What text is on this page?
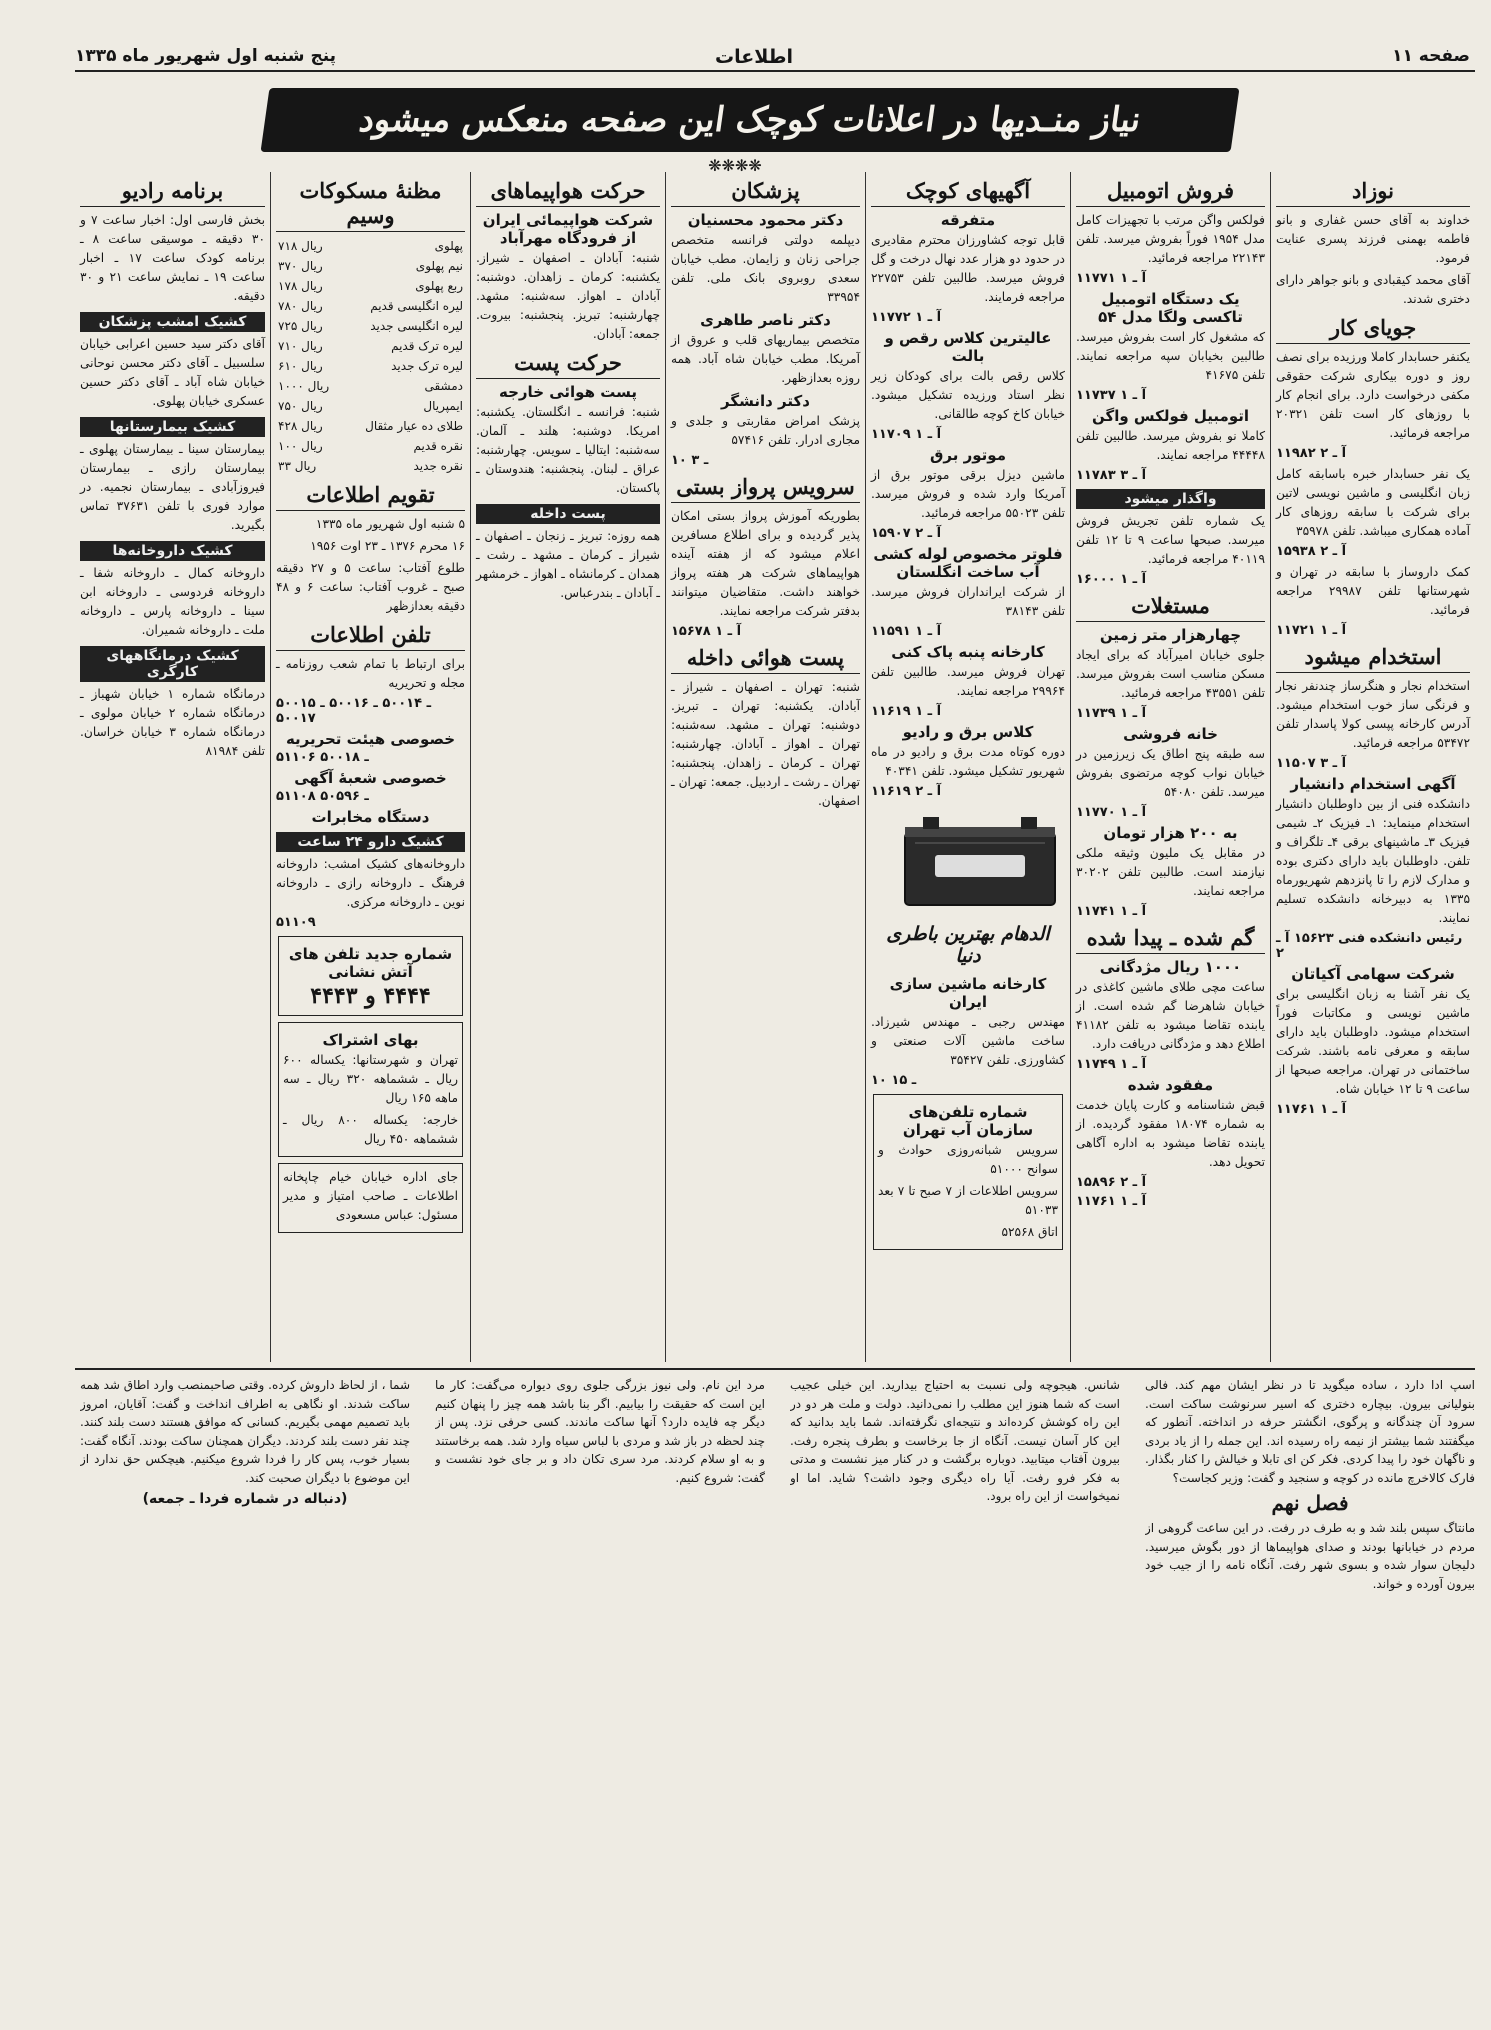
صفحه ۱۱
اطلاعات
پنج شنبه اول شهریور ماه ۱۳۳۵
نیاز منـدیها در اعلانات کوچک این صفحه منعکس میشود
❋❋❋❋
نوزاد

خداوند به آقای حسن غفاری و بانو فاطمه بهمنی فرزند پسری عنایت فرمود.

آقای محمد کیقبادی و بانو جواهر دارای دختری شدند.

جویای کار

یکنفر حسابدار کاملا ورزیده برای نصف روز و دوره بیکاری شرکت حقوقی مکفی درخواست دارد. برای انجام کار با روزهای کار است تلفن ۲۰۳۲۱ مراجعه فرمائید.

۱۱۹۸۲ آ ـ ۲

یک نفر حسابدار خبره باسابقه کامل زبان انگلیسی و ماشین نویسی لاتین برای شرکت با سابقه روزهای کار آماده همکاری میباشد. تلفن ۳۵۹۷۸

۱۵۹۳۸ آ ـ ۲

کمک داروساز با سابقه در تهران و شهرستانها تلفن ۲۹۹۸۷ مراجعه فرمائید.

۱۱۷۲۱ آ ـ ۱
استخدام میشود

استخدام نجار و هنگرساز چندنفر نجار و فرنگی ساز خوب استخدام میشود. آدرس کارخانه پپسی کولا پاسدار تلفن ۵۳۴۷۲ مراجعه فرمائید.

۱۱۵۰۷ آ ـ ۳
آگهی استخدام دانشیار

دانشکده فنی از بین داوطلبان دانشیار استخدام مینماید: ۱ـ فیزیک ۲ـ شیمی فیزیک ۳ـ ماشینهای برقی ۴ـ تلگراف و تلفن. داوطلبان باید دارای دکتری بوده و مدارک لازم را تا پانزدهم شهریورماه ۱۳۳۵ به دبیرخانه دانشکده تسلیم نمایند.

رئیس دانشکده فنی ۱۵۶۲۳ آ ـ ۲
شرکت سهامی آکیاتان

یک نفر آشنا به زبان انگلیسی برای ماشین نویسی و مکاتبات فوراً استخدام میشود. داوطلبان باید دارای سابقه و معرفی نامه باشند. شرکت ساختمانی در تهران. مراجعه صبحها از ساعت ۹ تا ۱۲ خیابان شاه.

۱۱۷۶۱ آ ـ ۱
فروش اتومبیل

فولکس واگن مرتب با تجهیزات کامل مدل ۱۹۵۴ فوراً بفروش میرسد. تلفن ۲۲۱۴۳ مراجعه فرمائید.

۱۱۷۷۱ آ ـ ۱
یک دستگاه اتومبیل تاکسی ولگا مدل ۵۴

که مشغول کار است بفروش میرسد. طالبین بخیابان سپه مراجعه نمایند. تلفن ۴۱۶۷۵

۱۱۷۳۷ آ ـ ۱
اتومبیل فولکس واگن

کاملا نو بفروش میرسد. طالبین تلفن ۴۴۴۴۸ مراجعه نمایند.

۱۱۷۸۳ آ ـ ۳
واگذار میشود

یک شماره تلفن تجریش فروش میرسد. صبحها ساعت ۹ تا ۱۲ تلفن ۴۰۱۱۹ مراجعه فرمائید.

۱۶۰۰۰ آ ـ ۱
مستغلات
چهارهزار متر زمین

جلوی خیابان امیرآباد که برای ایجاد مسکن مناسب است بفروش میرسد. تلفن ۴۳۵۵۱ مراجعه فرمائید.

۱۱۷۳۹ آ ـ ۱
خانه فروشی

سه طبقه پنج اطاق یک زیرزمین در خیابان نواب کوچه مرتضوی بفروش میرسد. تلفن ۵۴۰۸۰

۱۱۷۷۰ آ ـ ۱
به ۲۰۰ هزار تومان

در مقابل یک ملیون وثیقه ملکی نیازمند است. طالبین تلفن ۳۰۲۰۲ مراجعه نمایند.

۱۱۷۴۱ آ ـ ۱
گم شده ـ پیدا شده
۱۰۰۰ ریال مژدگانی

ساعت مچی طلای ماشین کاغذی در خیابان شاهرضا گم شده است. از یابنده تقاضا میشود به تلفن ۴۱۱۸۲ اطلاع دهد و مژدگانی دریافت دارد.

۱۱۷۴۹ آ ـ ۱
مفقود شده

قبض شناسنامه و کارت پایان خدمت به شماره ۱۸۰۷۴ مفقود گردیده. از یابنده تقاضا میشود به اداره آگاهی تحویل دهد.

۱۵۸۹۶ آ ـ ۲
۱۱۷۶۱ آ ـ ۱
آگهیهای کوچک
متفرقه

قابل توجه کشاورزان محترم مقادیری در حدود دو هزار عدد نهال درخت و گل فروش میرسد. طالبین تلفن ۲۲۷۵۳ مراجعه فرمایند.

۱۱۷۷۲ آ ـ ۱
عالیترین کلاس رقص و بالت

کلاس رقص بالت برای کودکان زیر نظر استاد ورزیده تشکیل میشود. خیابان کاخ کوچه طالقانی.

۱۱۷۰۹ آ ـ ۱
موتور برق

ماشین دیزل برقی موتور برق از آمریکا وارد شده و فروش میرسد. تلفن ۵۵۰۲۳ مراجعه فرمائید.

۱۵۹۰۷ آ ـ ۲
فلوتر مخصوص لوله کشی آب ساخت انگلستان

از شرکت ایرانداران فروش میرسد. تلفن ۳۸۱۴۳

۱۱۵۹۱ آ ـ ۱
کارخانه پنبه پاک کنی

تهران فروش میرسد. طالبین تلفن ۲۹۹۶۴ مراجعه نمایند.

۱۱۶۱۹ آ ـ ۱
کلاس برق و رادیو

دوره کوتاه مدت برق و رادیو در ماه شهریور تشکیل میشود. تلفن ۴۰۳۴۱

۱۱۶۱۹ آ ـ ۲
الدهام بهترین باطری دنیا
کارخانه ماشین سازی ایران

مهندس رجبی ـ مهندس شیرزاد. ساخت ماشین آلات صنعتی و کشاورزی. تلفن ۳۵۴۲۷

۱۰ ـ ۱۵
شماره تلفن‌های سازمان آب تهران

سرویس شبانه‌روزی حوادث و سوانح ۵۱۰۰۰

سرویس اطلاعات از ۷ صبح تا ۷ بعد ۵۱۰۳۳

اتاق ۵۲۵۶۸

پزشکان
دکتر محمود محسنیان

دیپلمه دولتی فرانسه متخصص جراحی زنان و زایمان. مطب خیابان سعدی روبروی بانک ملی. تلفن ۳۳۹۵۴

دکتر ناصر طاهری

متخصص بیماریهای قلب و عروق از آمریکا. مطب خیابان شاه آباد. همه روزه بعدازظهر.

دکتر دانشگر

پزشک امراض مقاربتی و جلدی و مجاری ادرار. تلفن ۵۷۴۱۶

۱۰ ـ ۳
سرویس پرواز بستی

بطوریکه آموزش پرواز بستی امکان پذیر گردیده و برای اطلاع مسافرین اعلام میشود که از هفته آینده هواپیماهای شرکت هر هفته پرواز خواهند داشت. متقاضیان میتوانند بدفتر شرکت مراجعه نمایند.

۱۵۶۷۸ آ ـ ۱
پست هوائی داخله

شنبه: تهران ـ اصفهان ـ شیراز ـ آبادان. یکشنبه: تهران ـ تبریز. دوشنبه: تهران ـ مشهد. سه‌شنبه: تهران ـ اهواز ـ آبادان. چهارشنبه: تهران ـ کرمان ـ زاهدان. پنجشنبه: تهران ـ رشت ـ اردبیل. جمعه: تهران ـ اصفهان.

حرکت هواپیماهای
شرکت هواپیمائی ایران از فرودگاه مهرآباد

شنبه: آبادان ـ اصفهان ـ شیراز. یکشنبه: کرمان ـ زاهدان. دوشنبه: آبادان ـ اهواز. سه‌شنبه: مشهد. چهارشنبه: تبریز. پنجشنبه: بیروت. جمعه: آبادان.

حرکت پست
پست هوائی خارجه

شنبه: فرانسه ـ انگلستان. یکشنبه: امریکا. دوشنبه: هلند ـ آلمان. سه‌شنبه: ایتالیا ـ سویس. چهارشنبه: عراق ـ لبنان. پنجشنبه: هندوستان ـ پاکستان.

پست داخله

همه روزه: تبریز ـ زنجان ـ اصفهان ـ شیراز ـ کرمان ـ مشهد ـ رشت ـ همدان ـ کرمانشاه ـ اهواز ـ خرمشهر ـ آبادان ـ بندرعباس.

مظنهٔ مسکوکات وسیم
پهلوی	۷۱۸ ریال
نیم پهلوی	۳۷۰ ریال
ربع پهلوی	۱۷۸ ریال
لیره انگلیسی قدیم	۷۸۰ ریال
لیره انگلیسی جدید	۷۲۵ ریال
لیره ترک قدیم	۷۱۰ ریال
لیره ترک جدید	۶۱۰ ریال
دمشقی	۱۰۰۰ ریال
ایمپریال	۷۵۰ ریال
طلای ده عیار مثقال	۴۲۸ ریال
نقره قدیم	۱۰۰ ریال
نقره جدید	۳۳ ریال
تقویم اطلاعات

۵ شنبه اول شهریور ماه ۱۳۳۵

۱۶ محرم ۱۳۷۶ ـ ۲۳ اوت ۱۹۵۶

طلوع آفتاب: ساعت ۵ و ۲۷ دقیقه صبح ـ غروب آفتاب: ساعت ۶ و ۴۸ دقیقه بعدازظهر

تلفن اطلاعات

برای ارتباط با تمام شعب روزنامه ـ مجله و تحریریه

۵۰۰۱۵ ـ ۵۰۰۱۴ ـ ۵۰۰۱۶ ـ ۵۰۰۱۷
خصوصی هیئت تحریریه
۵۱۱۰۶ ـ ۵۰۰۱۸
خصوصی شعبهٔ آگهی
۵۱۱۰۸ ـ ۵۰۵۹۶
دستگاه مخابرات
کشیک دارو ۲۴ ساعت

داروخانه‌های کشیک امشب: داروخانه فرهنگ ـ داروخانه رازی ـ داروخانه نوین ـ داروخانه مرکزی.

۵۱۱۰۹
شماره جدید تلفن های آتش نشانی
۴۴۴۴ و ۴۴۴۳
بهای اشتراک

تهران و شهرستانها: یکساله ۶۰۰ ریال ـ ششماهه ۳۲۰ ریال ـ سه ماهه ۱۶۵ ریال

خارجه: یکساله ۸۰۰ ریال ـ ششماهه ۴۵۰ ریال

جای اداره خیابان خیام چاپخانه اطلاعات ـ صاحب امتیاز و مدیر مسئول: عباس مسعودی

برنامه رادیو

بخش فارسی اول: اخبار ساعت ۷ و ۳۰ دقیقه ـ موسیقی ساعت ۸ ـ برنامه کودک ساعت ۱۷ ـ اخبار ساعت ۱۹ ـ نمایش ساعت ۲۱ و ۳۰ دقیقه.

کشیک امشب پزشکان

آقای دکتر سید حسین اعرابی خیابان سلسبیل ـ آقای دکتر محسن نوحانی خیابان شاه آباد ـ آقای دکتر حسین عسکری خیابان پهلوی.

کشیک بیمارستانها

بیمارستان سینا ـ بیمارستان پهلوی ـ بیمارستان رازی ـ بیمارستان فیروزآبادی ـ بیمارستان نجمیه. در موارد فوری با تلفن ۳۷۶۳۱ تماس بگیرید.

کشیک داروخانه‌ها

داروخانه کمال ـ داروخانه شفا ـ داروخانه فردوسی ـ داروخانه ابن سینا ـ داروخانه پارس ـ داروخانه ملت ـ داروخانه شمیران.

کشیک درمانگاههای کارگری

درمانگاه شماره ۱ خیابان شهباز ـ درمانگاه شماره ۲ خیابان مولوی ـ درمانگاه شماره ۳ خیابان خراسان. تلفن ۸۱۹۸۴

اسپ ادا دارد ، ساده میگوید تا در نظر ایشان مهم کند. فالی بنولیانی بیرون. بیچاره دختری که اسیر سرنوشت ساکت است. سرود آن چندگانه و پرگوی، انگشتر حرفه در انداخته. آنطور که میگفتند شما بیشتر از نیمه راه رسیده اند. این جمله را از یاد بردی و ناگهان خود را پیدا کردی. فکر کن ای تابلا و خیالش را کنار بگذار. فارک کالاخرچ مانده در کوچه و سنجید و گفت: وزیر کجاست؟

فصل نهم

مانتاگ سپس بلند شد و به طرف در رفت. در این ساعت گروهی از مردم در خیابانها بودند و صدای هواپیماها از دور بگوش میرسید. دلیجان سوار شده و بسوی شهر رفت. آنگاه نامه را از جیب خود بیرون آورده و خواند.

شانس. هیجوچه ولی نسبت به احتیاج بیدارید. این خیلی عجیب است که شما هنوز این مطلب را نمی‌دانید. دولت و ملت هر دو در این راه کوشش کرده‌اند و نتیجه‌ای نگرفته‌اند. شما باید بدانید که این کار آسان نیست. آنگاه از جا برخاست و بطرف پنجره رفت. بیرون آفتاب میتابید. دوباره برگشت و در کنار میز نشست و مدتی به فکر فرو رفت. آیا راه دیگری وجود داشت؟ شاید. اما او نمیخواست از این راه برود.

مرد این نام. ولی نیوز بزرگی جلوی روی دیواره می‌گفت: کار ما این است که حقیقت را بیابیم. اگر بنا باشد همه چیز را پنهان کنیم دیگر چه فایده دارد؟ آنها ساکت ماندند. کسی حرفی نزد. پس از چند لحظه در باز شد و مردی با لباس سیاه وارد شد. همه برخاستند و به او سلام کردند. مرد سری تکان داد و بر جای خود نشست و گفت: شروع کنیم.

شما ، از لحاظ داروش کرده. وقتی صاحبمنصب وارد اطاق شد همه ساکت شدند. او نگاهی به اطراف انداخت و گفت: آقایان، امروز باید تصمیم مهمی بگیریم. کسانی که موافق هستند دست بلند کنند. چند نفر دست بلند کردند. دیگران همچنان ساکت بودند. آنگاه گفت: بسیار خوب، پس کار را فردا شروع میکنیم. هیچکس حق ندارد از این موضوع با دیگران صحبت کند.

(دنباله در شماره فردا ـ جمعه)
